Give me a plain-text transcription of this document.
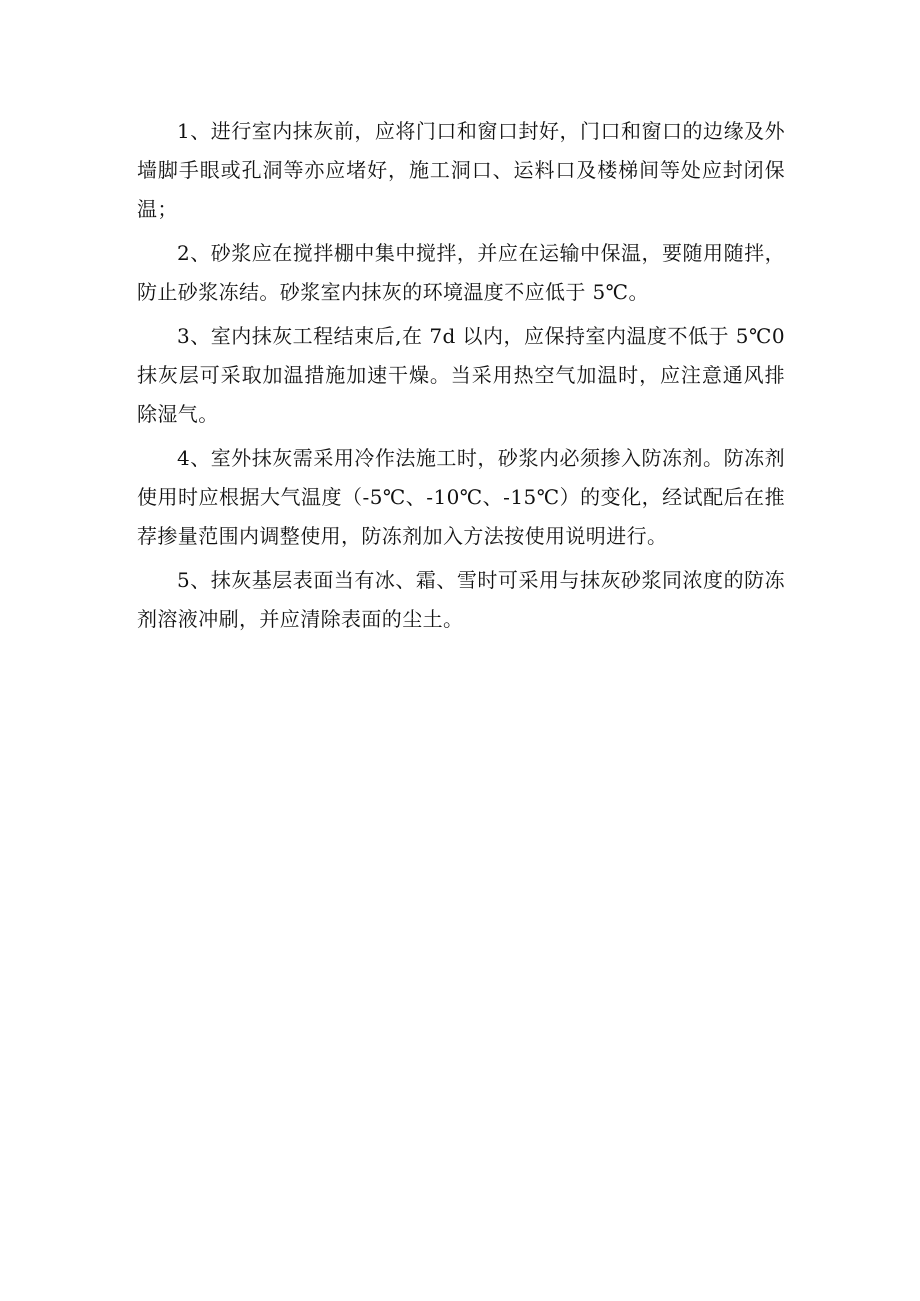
1、进行室内抹灰前，应将门口和窗口封好，门口和窗口的边缘及外墙脚手眼或孔洞等亦应堵好，施工洞口、运料口及楼梯间等处应封闭保温；

2、砂浆应在搅拌棚中集中搅拌，并应在运输中保温，要随用随拌，防止砂浆冻结。砂浆室内抹灰的环境温度不应低于 5℃。

3、室内抹灰工程结束后,在 7d 以内，应保持室内温度不低于 5℃0 抹灰层可采取加温措施加速干燥。当采用热空气加温时，应注意通风排除湿气。

4、室外抹灰需采用冷作法施工时，砂浆内必须掺入防冻剂。防冻剂使用时应根据大气温度（-5℃、-10℃、-15℃）的变化，经试配后在推荐掺量范围内调整使用，防冻剂加入方法按使用说明进行。

5、抹灰基层表面当有冰、霜、雪时可采用与抹灰砂浆同浓度的防冻剂溶液冲刷，并应清除表面的尘土。
